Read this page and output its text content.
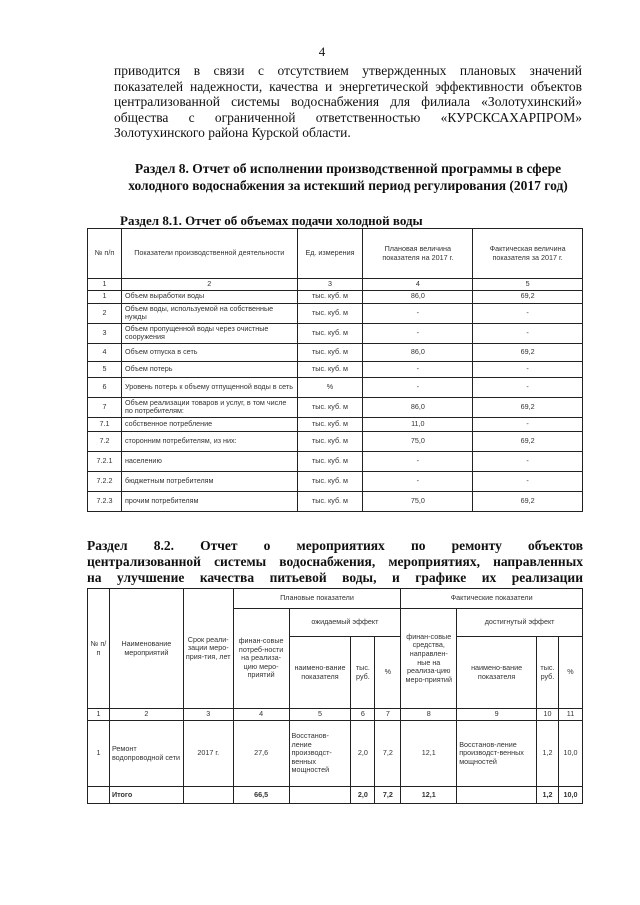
4
приводится в связи с отсутствием утвержденных плановых значений
показателей надежности, качества и энергетической эффективности объектов
централизованной системы водоснабжения для филиала «Золотухинский»
общества с ограниченной ответственностью «КУРСКСАХАРПРОМ»
Золотухинского района Курской области.
Раздел 8. Отчет об исполнении производственной программы в сфере холодного водоснабжения за истекший период регулирования (2017 год)
Раздел 8.1. Отчет об объемах подачи холодной воды
№ п/п	Показатели производственной деятельности	Ед. измерения	Плановая величина показателя на 2017 г.	Фактическая величина показателя за 2017 г.
1	2	3	4	5
1	Объем выработки воды	тыс. куб. м	86,0	69,2
2	Объем воды, используемой на собственные нужды	тыс. куб. м	-	-
3	Объем пропущенной воды через очистные сооружения	тыс. куб. м	-	-
4	Объем отпуска в сеть	тыс. куб. м	86,0	69,2
5	Объем потерь	тыс. куб. м	-	-
6	Уровень потерь к объему отпущенной воды в сеть	%	-	-
7	Объем реализации товаров и услуг, в том числе по потребителям:	тыс. куб. м	86,0	69,2
7.1	собственное потребление	тыс. куб. м	11,0	-
7.2	сторонним потребителям, из них:	тыс. куб. м	75,0	69,2
7.2.1	населению	тыс. куб. м	-	-
7.2.2	бюджетным потребителям	тыс. куб. м	-	-
7.2.3	прочим потребителям	тыс. куб. м	75,0	69,2
Раздел 8.2. Отчет о мероприятиях по ремонту объектов
централизованной системы водоснабжения, мероприятиях, направленных
на улучшение качества питьевой воды, и графике их реализации
№ п/п	Наименование мероприятий	Срок реали-зации меро-прия-тия, лет	Плановые показатели				Фактические показатели			
			финан-совые потреб-ности на реализа-цию меро-приятий	ожидаемый эффект			финан-совые средства, направлен-ные на реализа-цию меро-приятий	достигнутый эффект		
				наимено-вание показателя	тыс. руб.	%		наимено-вание показателя	тыс. руб.	%
1	2	3	4	5	6	7	8	9	10	11
1	Ремонт водопроводной сети	2017 г.	27,6	Восстанов-ление производст-венных мощностей	2,0	7,2	12,1	Восстанов-ление производст-венных мощностей	1,2	10,0
	Итого		66,5		2,0	7,2	12,1		1,2	10,0
